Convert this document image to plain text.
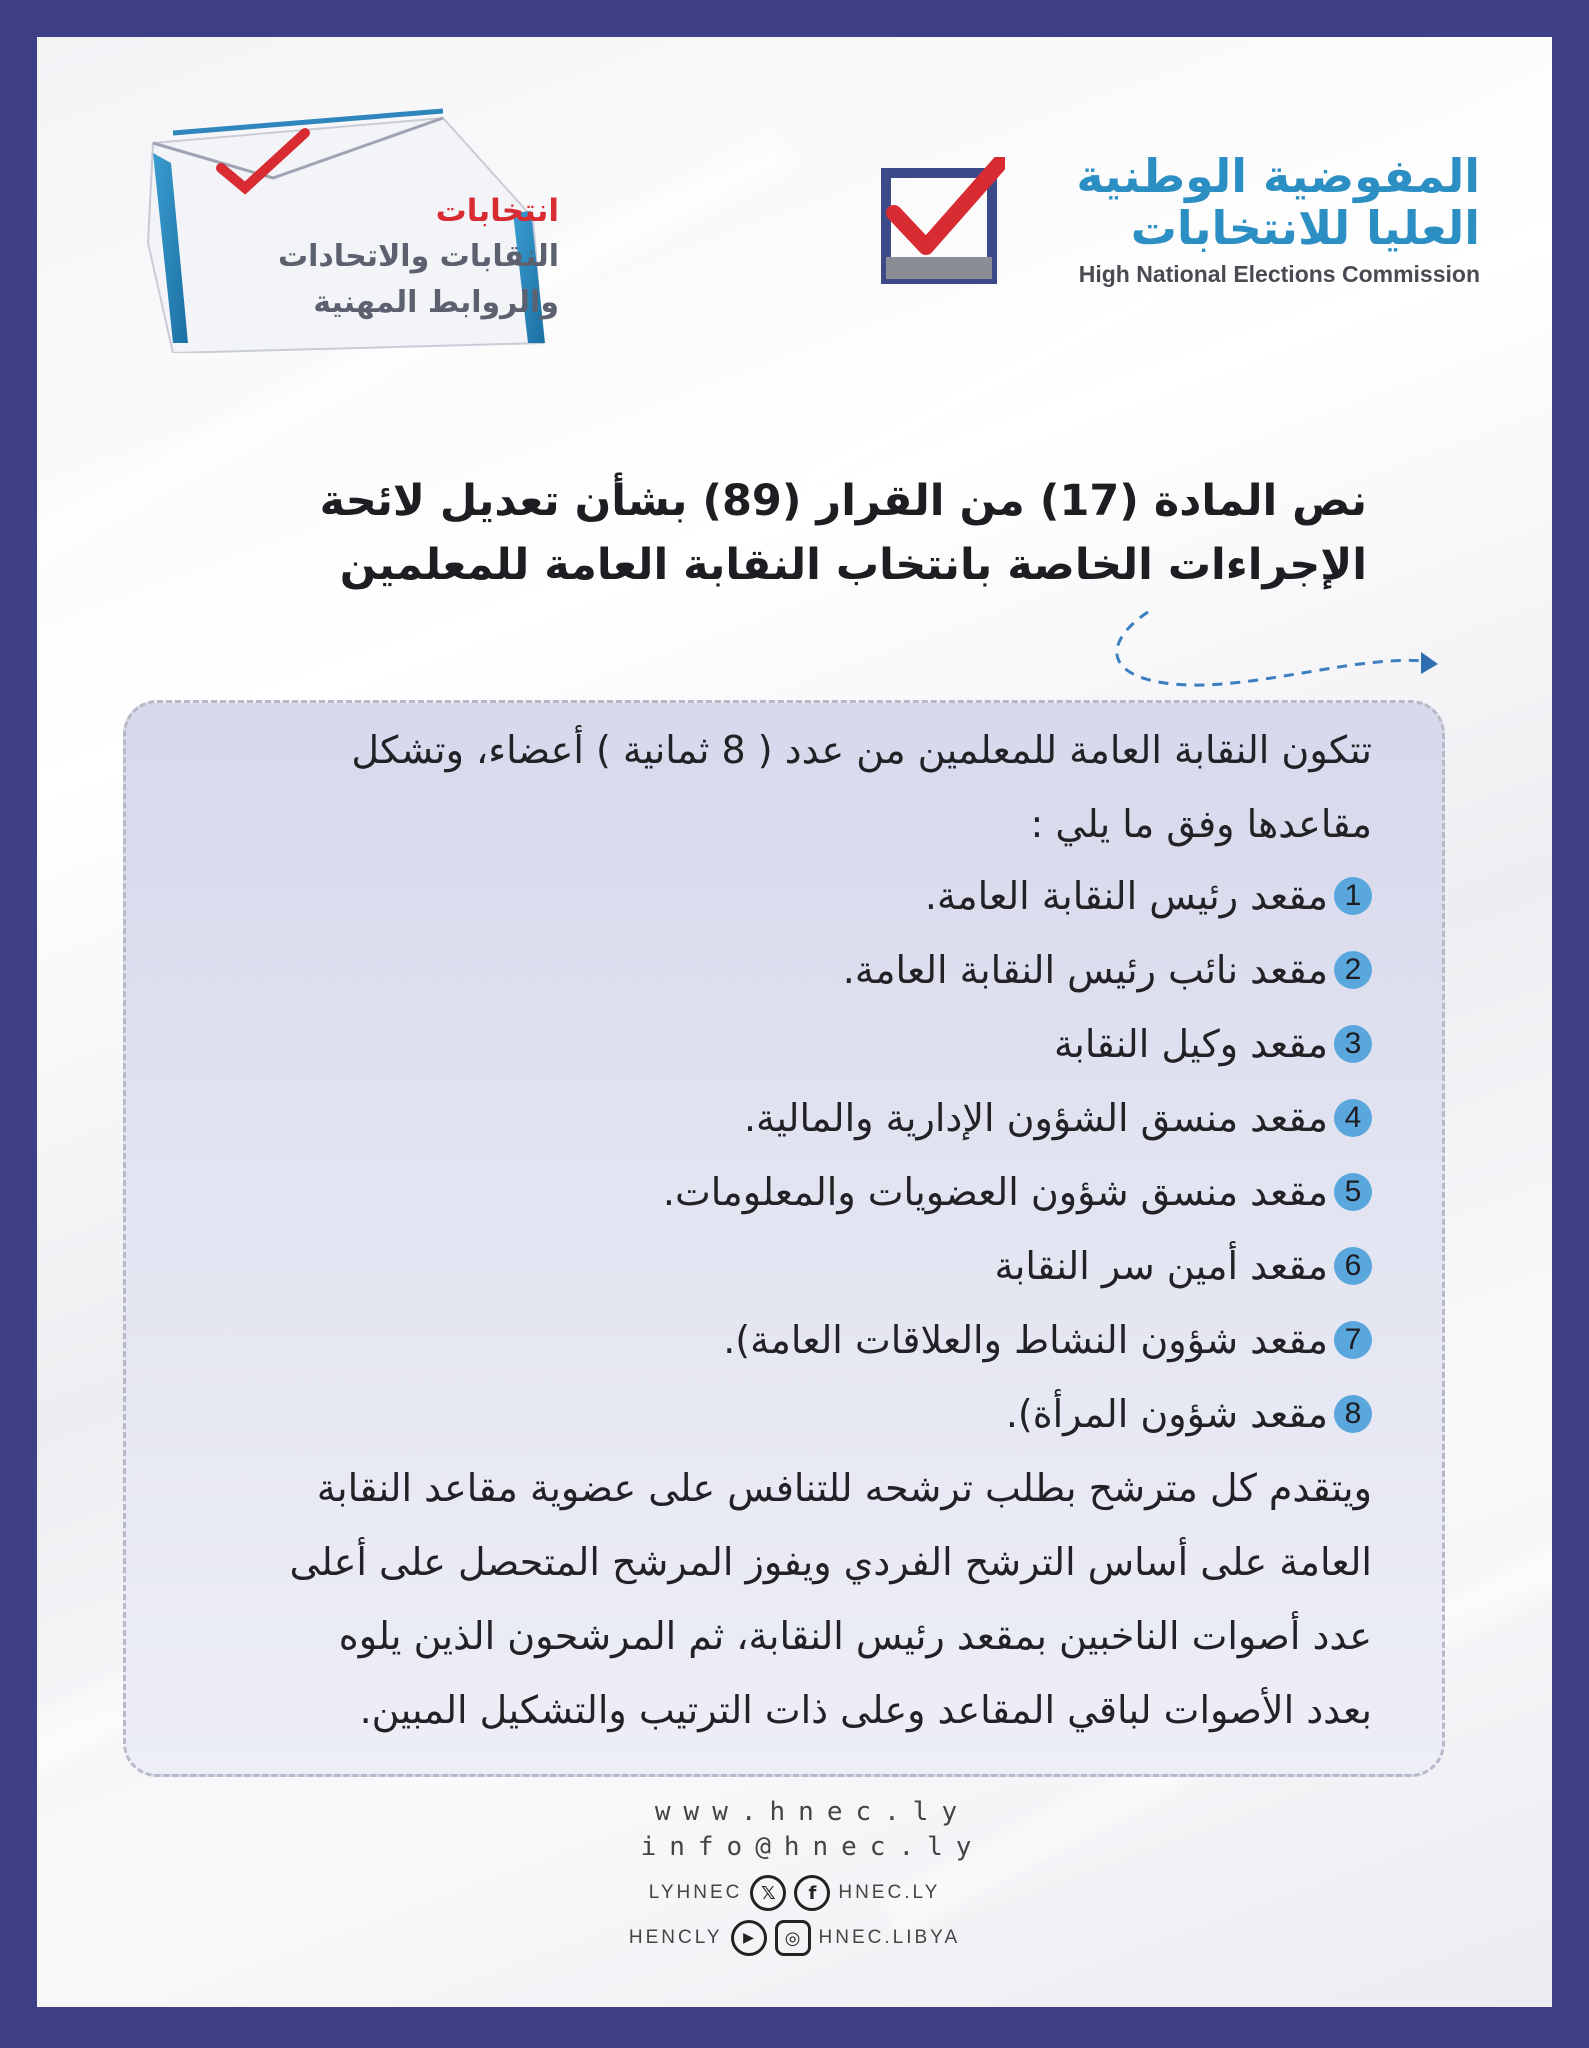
انتخابات
النقابات والاتحادات
والروابط المهنية
المفوضية الوطنية
العليا للانتخابات
High National Elections Commission
نص المادة (17) من القرار (89) بشأن تعديل لائحة
الإجراءات الخاصة بانتخاب النقابة العامة للمعلمين
تتكون النقابة العامة للمعلمين من عدد ( 8 ثمانية ) أعضاء، وتشكل
مقاعدها وفق ما يلي :
1
مقعد رئيس النقابة العامة.
2
مقعد نائب رئيس النقابة العامة.
3
مقعد وكيل النقابة
4
مقعد منسق الشؤون الإدارية والمالية.
5
مقعد منسق شؤون العضويات والمعلومات.
6
مقعد أمين سر النقابة
7
مقعد شؤون النشاط والعلاقات العامة).
8
مقعد شؤون المرأة).
ويتقدم كل مترشح بطلب ترشحه للتنافس على عضوية مقاعد النقابة
العامة على أساس الترشح الفردي ويفوز المرشح المتحصل على أعلى
عدد أصوات الناخبين بمقعد رئيس النقابة، ثم المرشحون الذين يلوه
بعدد الأصوات لباقي المقاعد وعلى ذات الترتيب والتشكيل المبين.
www.hnec.ly
info@hnec.ly
LYHNEC	𝕏	f	HNEC.LY
HENCLY	▶	◎ HNEC.LIBYA
